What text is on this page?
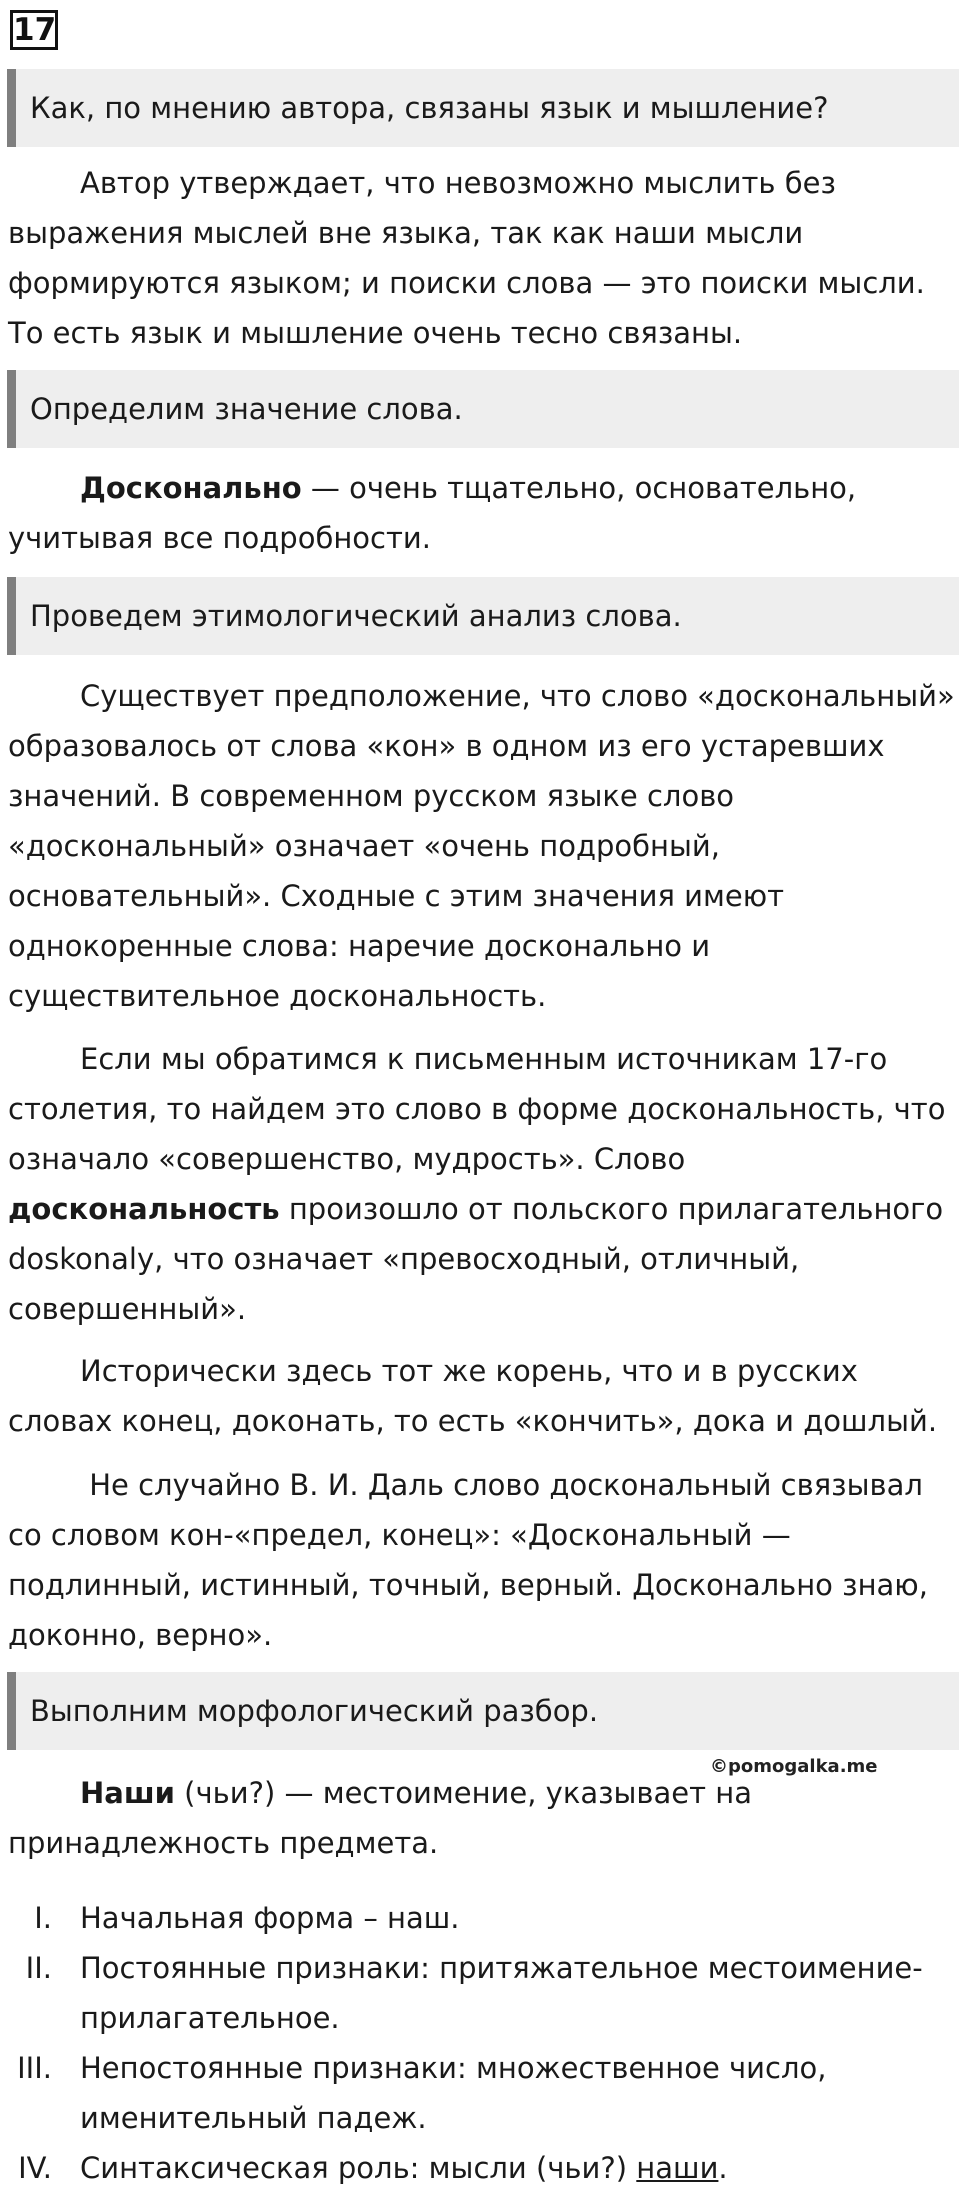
17
Как, по мнению автора, связаны язык и мышление?
Автор утверждает, что невозможно мыслить без выражения мыслей вне языка, так как наши мысли формируются языком; и поиски слова — это поиски мысли. То есть язык и мышление очень тесно связаны.
Определим значение слова.
Досконально — очень тщательно, основательно, учитывая все подробности.
Проведем этимологический анализ слова.
Существует предположение, что слово «доскональный» образовалось от слова «кон» в одном из его устаревших значений. В современном русском языке слово «доскональный» означает «очень подробный, основательный». Сходные с этим значения имеют однокоренные слова: наречие досконально и существительное доскональность.
Если мы обратимся к письменным источникам 17-го столетия, то найдем это слово в форме доскональность, что означало «совершенство, мудрость». Слово доскональность произошло от польского прилагательного doskonaly, что означает «превосходный, отличный, совершенный».
Исторически здесь тот же корень, что и в русских словах конец, доконать, то есть «кончить», дока и дошлый.
Не случайно В. И. Даль слово доскональный связывал со словом кон-«предел, конец»: «Доскональный — подлинный, истинный, точный, верный. Досконально знаю, доконно, верно».
Выполним морфологический разбор.
Наши (чьи?) — местоимение, указывает на принадлежность предмета.
©pomogalka.me
I. Начальная форма – наш.
II. Постоянные признаки: притяжательное местоимение-прилагательное.
III. Непостоянные признаки: множественное число, именительный падеж.
IV. Синтаксическая роль: мысли (чьи?) наши.
